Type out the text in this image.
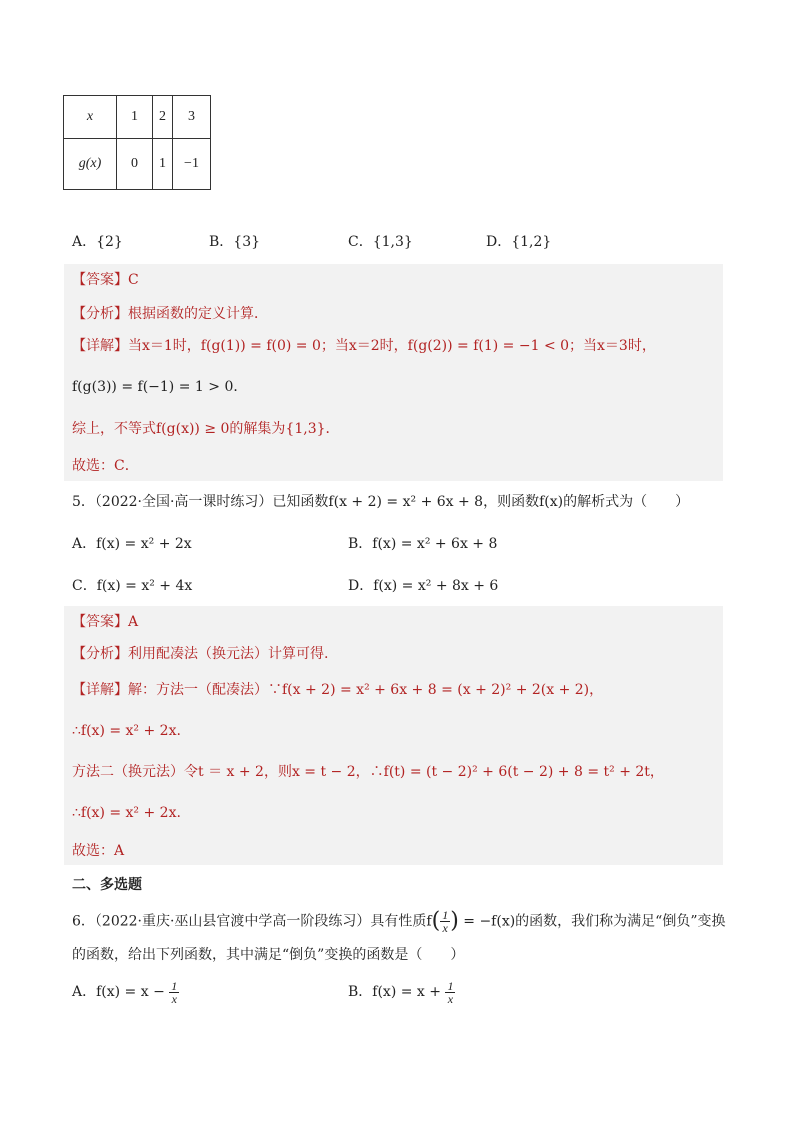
x	1	2	3
g(x)	0	1	−1
A．{2}	B．{3}	C．{1,3}	D．{1,2}
【答案】C
【分析】根据函数的定义计算．
【详解】当x＝1时，f(g(1)) = f(0) = 0；当x＝2时，f(g(2)) = f(1) = −1 < 0；当x＝3时，
f(g(3)) = f(−1) = 1 > 0．
综上，不等式f(g(x)) ≥ 0的解集为{1,3}．
故选：C．
5．（2022·全国·高一课时练习）已知函数f(x + 2) = x² + 6x + 8，则函数f(x)的解析式为（　　）
A．f(x) = x² + 2x	B．f(x) = x² + 6x + 8
C．f(x) = x² + 4x	D．f(x) = x² + 8x + 6
【答案】A
【分析】利用配凑法（换元法）计算可得.
【详解】解：方法一（配凑法）∵f(x + 2) = x² + 6x + 8 = (x + 2)² + 2(x + 2)，
∴f(x) = x² + 2x.
方法二（换元法）令t ＝ x + 2，则x = t − 2，∴f(t) = (t − 2)² + 6(t − 2) + 8 = t² + 2t，
∴f(x) = x² + 2x.
故选：A
二、多选题
6．（2022·重庆·巫山县官渡中学高一阶段练习）具有性质$f( \frac{1}{x}$ ) = −f(x)的函数，我们称为满足“倒负”变换
的函数，给出下列函数，其中满足“倒负”变换的函数是（　　）
A．$f(x) = x - \frac{1}{x}$	B．$f(x) = x + \frac{1}{x}$
